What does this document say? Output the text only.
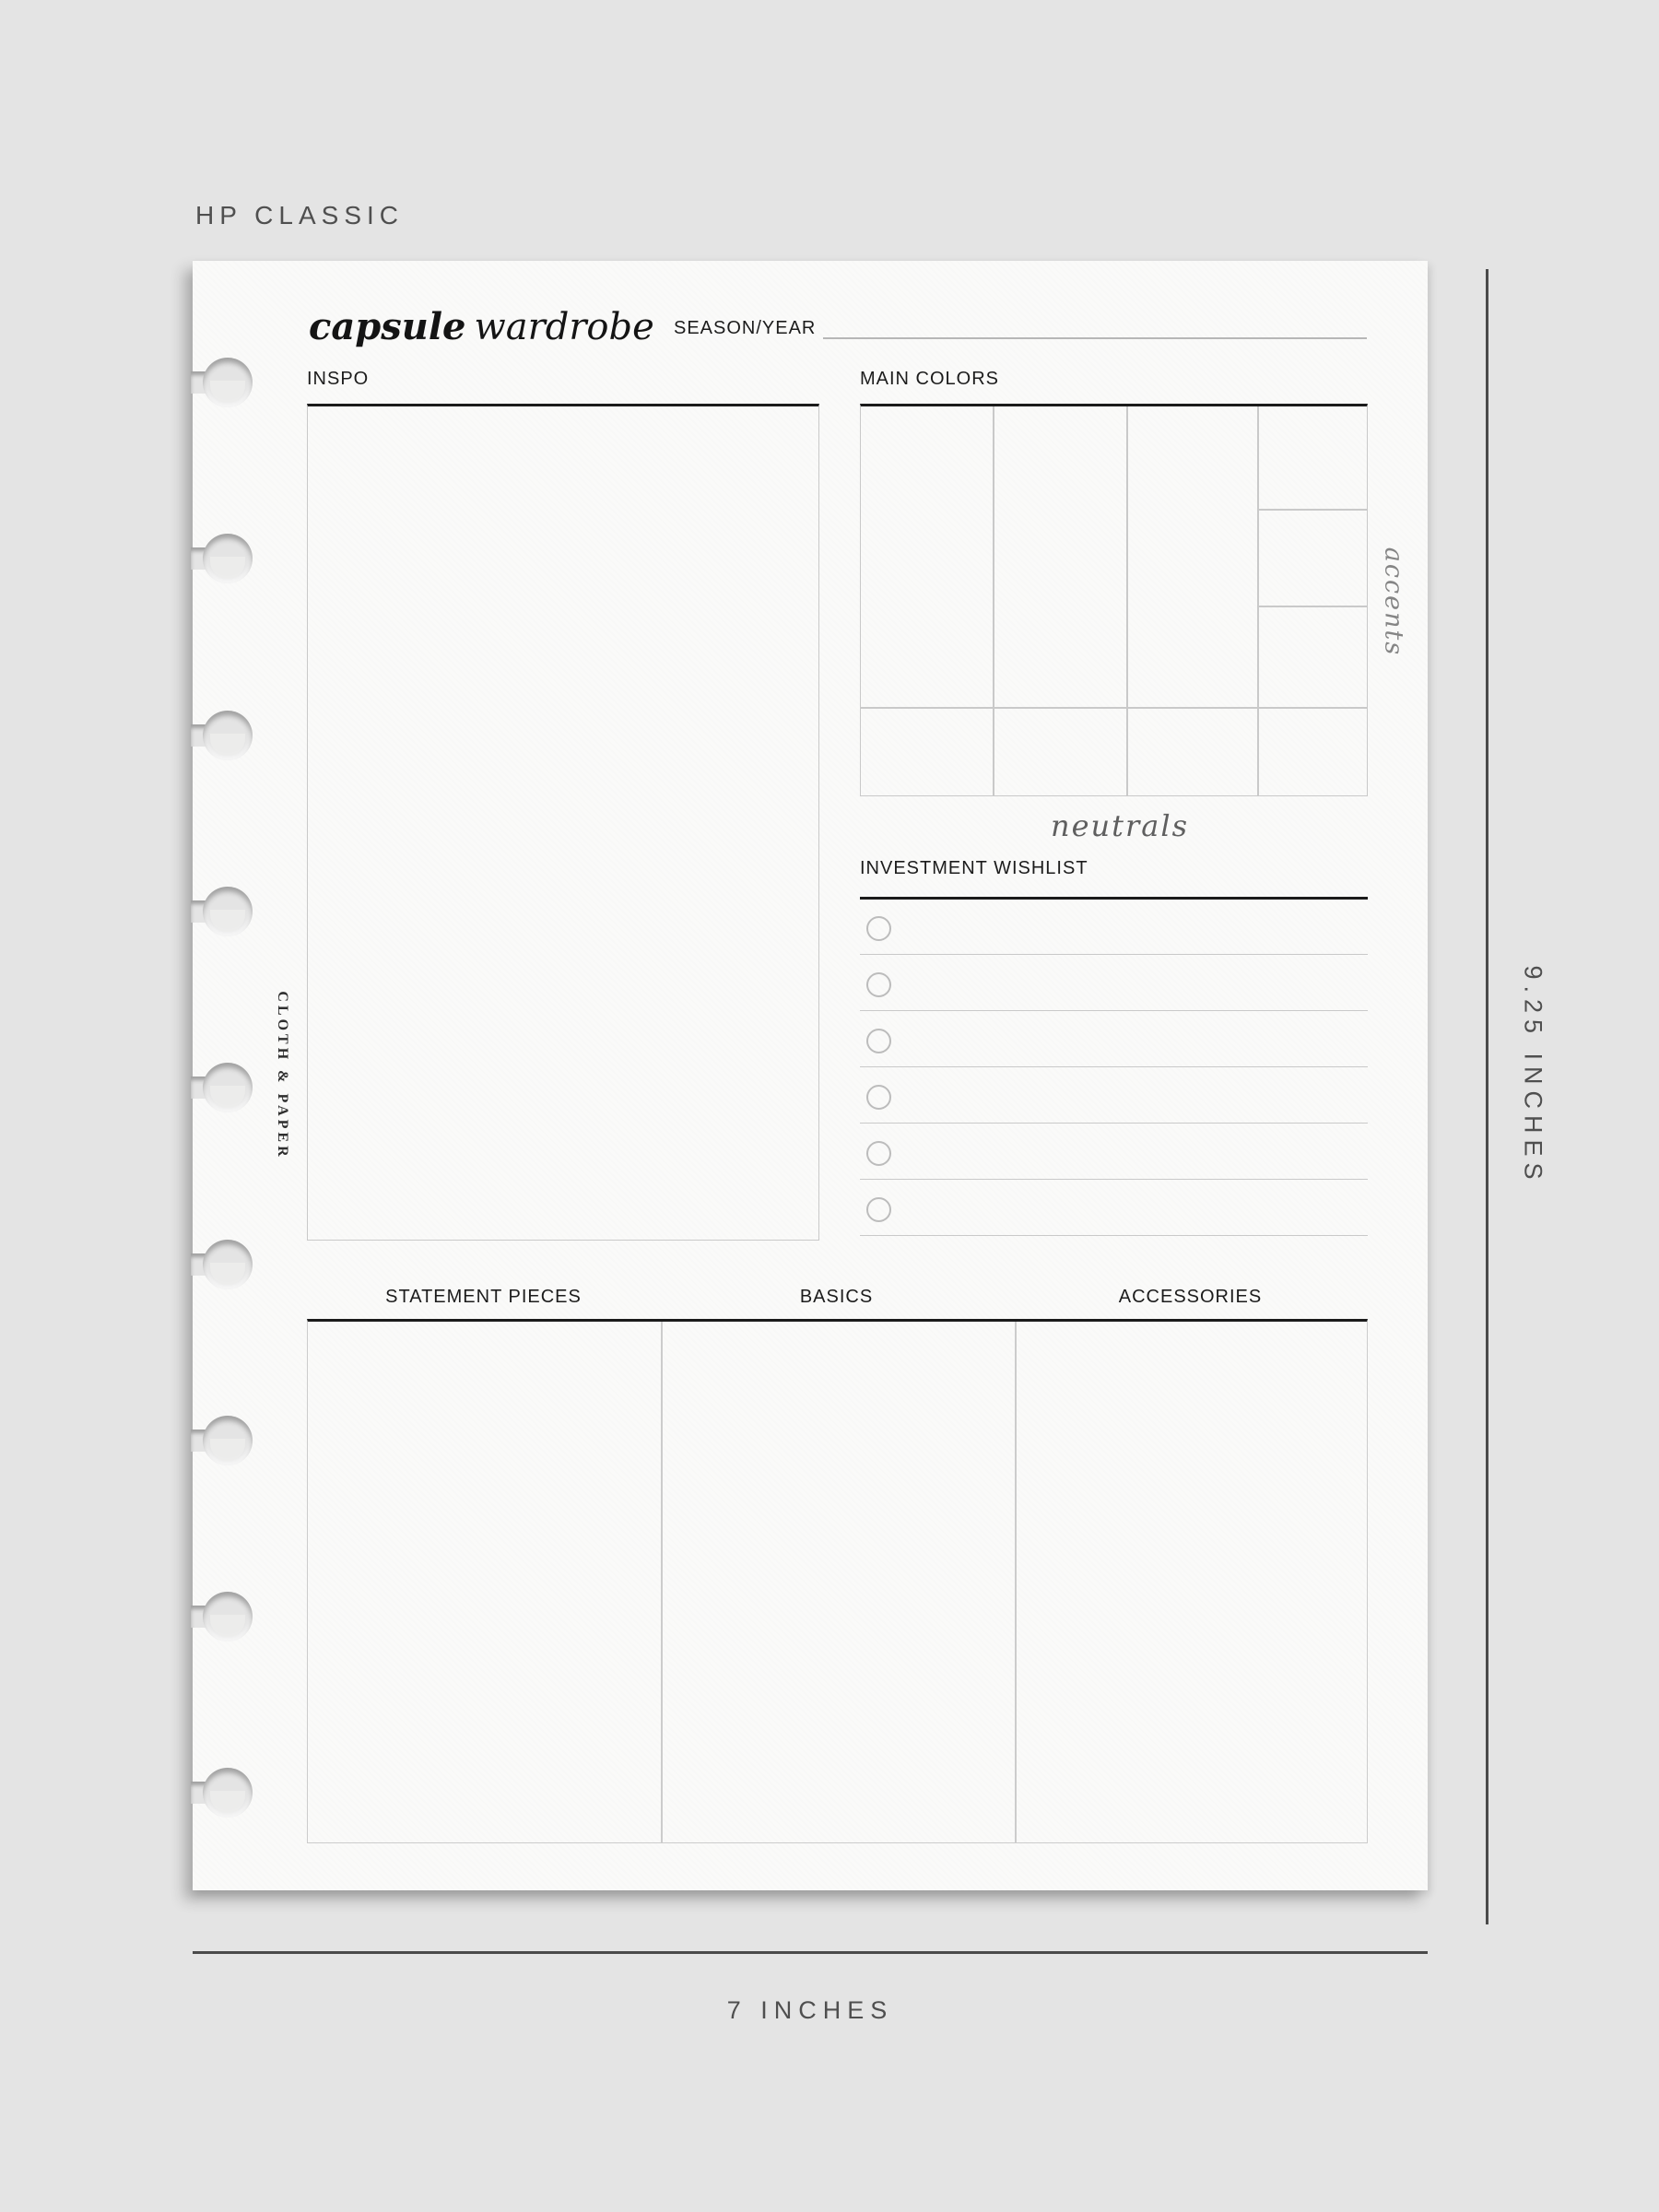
HP CLASSIC
9.25 INCHES
7 INCHES
capsule wardrobe SEASON/YEAR
INSPO	MAIN COLORS
accents
neutrals
INVESTMENT WISHLIST
CLOTH & PAPER
STATEMENT PIECES	BASICS	ACCESSORIES
